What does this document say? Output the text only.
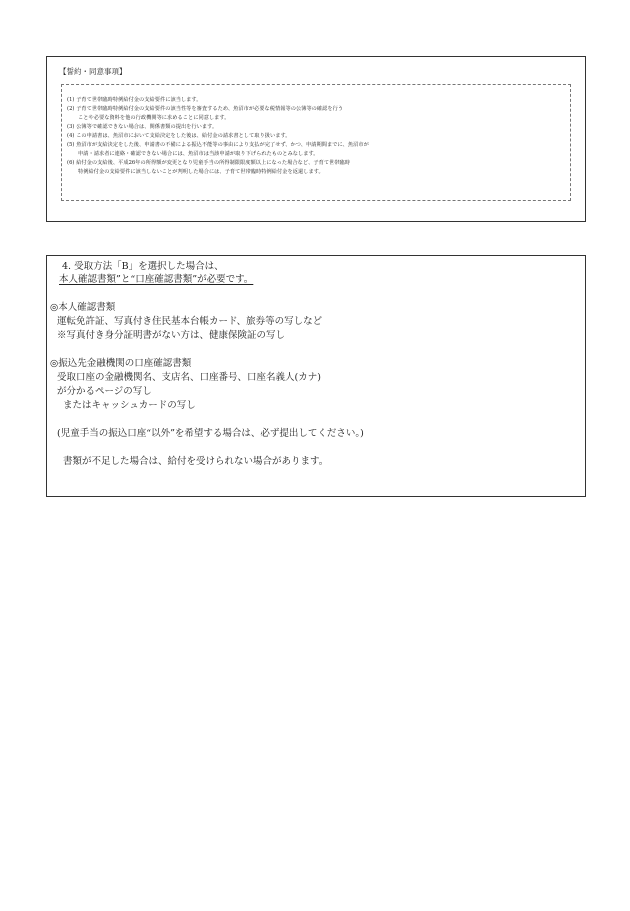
【誓約・同意事項】
(1) 子育て世帯臨時特例給付金の支給要件に該当します。
(2) 子育て世帯臨時特例給付金の支給要件の該当性等を審査するため、魚沼市が必要な税情報等の公簿等の確認を行う
ことや必要な資料を他の行政機関等に求めることに同意します。
(3) 公簿等で確認できない場合は、関係書類の提出を行います。
(4) この申請書は、魚沼市において支給決定をした後は、給付金の請求書として取り扱います。
(5) 魚沼市が支給決定をした後、申請書の不備による振込不能等の事由により支払が完了せず、かつ、申請期間までに、魚沼市が
申請・請求者に連絡・確認できない場合には、魚沼市は当該申請が取り下げられたものとみなします。
(6) 給付金の支給後、平成26年の所得額が変更となり児童手当の所得制限限度額以上になった場合など、子育て世帯臨時
特例給付金の支給要件に該当しないことが判明した場合には、子育て世帯臨時特例給付金を返還します。
4. 受取方法「B」を選択した場合は、
本人確認書類”と“口座確認書類”が必要です。
◎本人確認書類
運転免許証、写真付き住民基本台帳カード、旅券等の写しなど
※写真付き身分証明書がない方は、健康保険証の写し
◎振込先金融機関の口座確認書類
受取口座の金融機関名、支店名、口座番号、口座名義人(カナ)
が分かるページの写し
またはキャッシュカードの写し
(児童手当の振込口座“以外”を希望する場合は、必ず提出してください。)
書類が不足した場合は、給付を受けられない場合があります。
